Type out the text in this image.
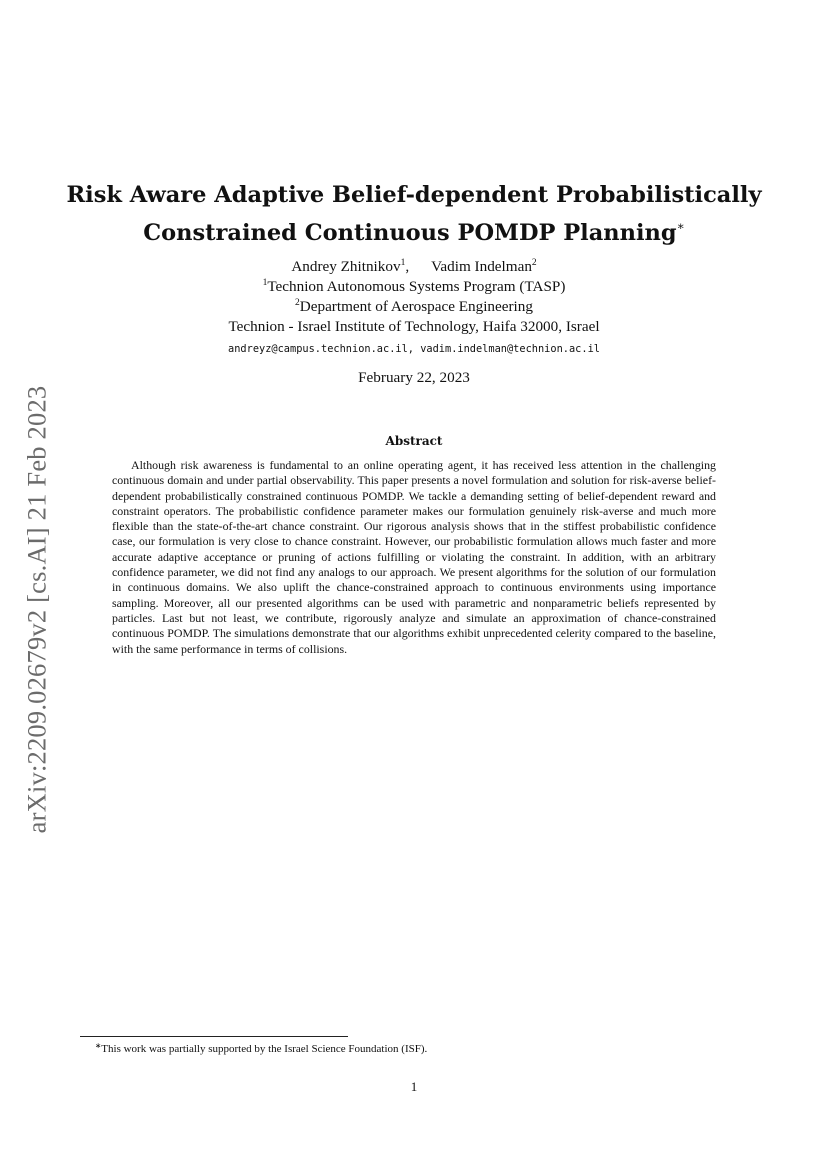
arXiv:2209.02679v2 [cs.AI] 21 Feb 2023
Risk Aware Adaptive Belief-dependent Probabilistically
Constrained Continuous POMDP Planning∗
Andrey Zhitnikov$^1$, Vadim Indelman$^2$
$^1$Technion Autonomous Systems Program (TASP)
$^2$Department of Aerospace Engineering
Technion - Israel Institute of Technology, Haifa 32000, Israel
andreyz@campus.technion.ac.il, vadim.indelman@technion.ac.il
February 22, 2023
Abstract
Although risk awareness is fundamental to an online operating agent, it has received less attention in the challenging continuous domain and under partial observability. This paper presents a novel formulation and solution for risk-averse belief-dependent probabilistically constrained continuous POMDP. We tackle a demanding setting of belief-dependent reward and constraint operators. The probabilistic confidence parameter makes our formulation genuinely risk-averse and much more flexible than the state-of-the-art chance constraint. Our rigorous analysis shows that in the stiffest probabilistic confidence case, our formulation is very close to chance constraint. However, our probabilistic formulation allows much faster and more accurate adaptive acceptance or pruning of actions fulfilling or violating the constraint. In addition, with an arbitrary confidence parameter, we did not find any analogs to our approach. We present algorithms for the solution of our formulation in continuous domains. We also uplift the chance-constrained approach to continuous environments using importance sampling. Moreover, all our presented algorithms can be used with parametric and nonparametric beliefs represented by particles. Last but not least, we contribute, rigorously analyze and simulate an approximation of chance-constrained continuous POMDP. The simulations demonstrate that our algorithms exhibit unprecedented celerity compared to the baseline, with the same performance in terms of collisions.
∗This work was partially supported by the Israel Science Foundation (ISF).
1
